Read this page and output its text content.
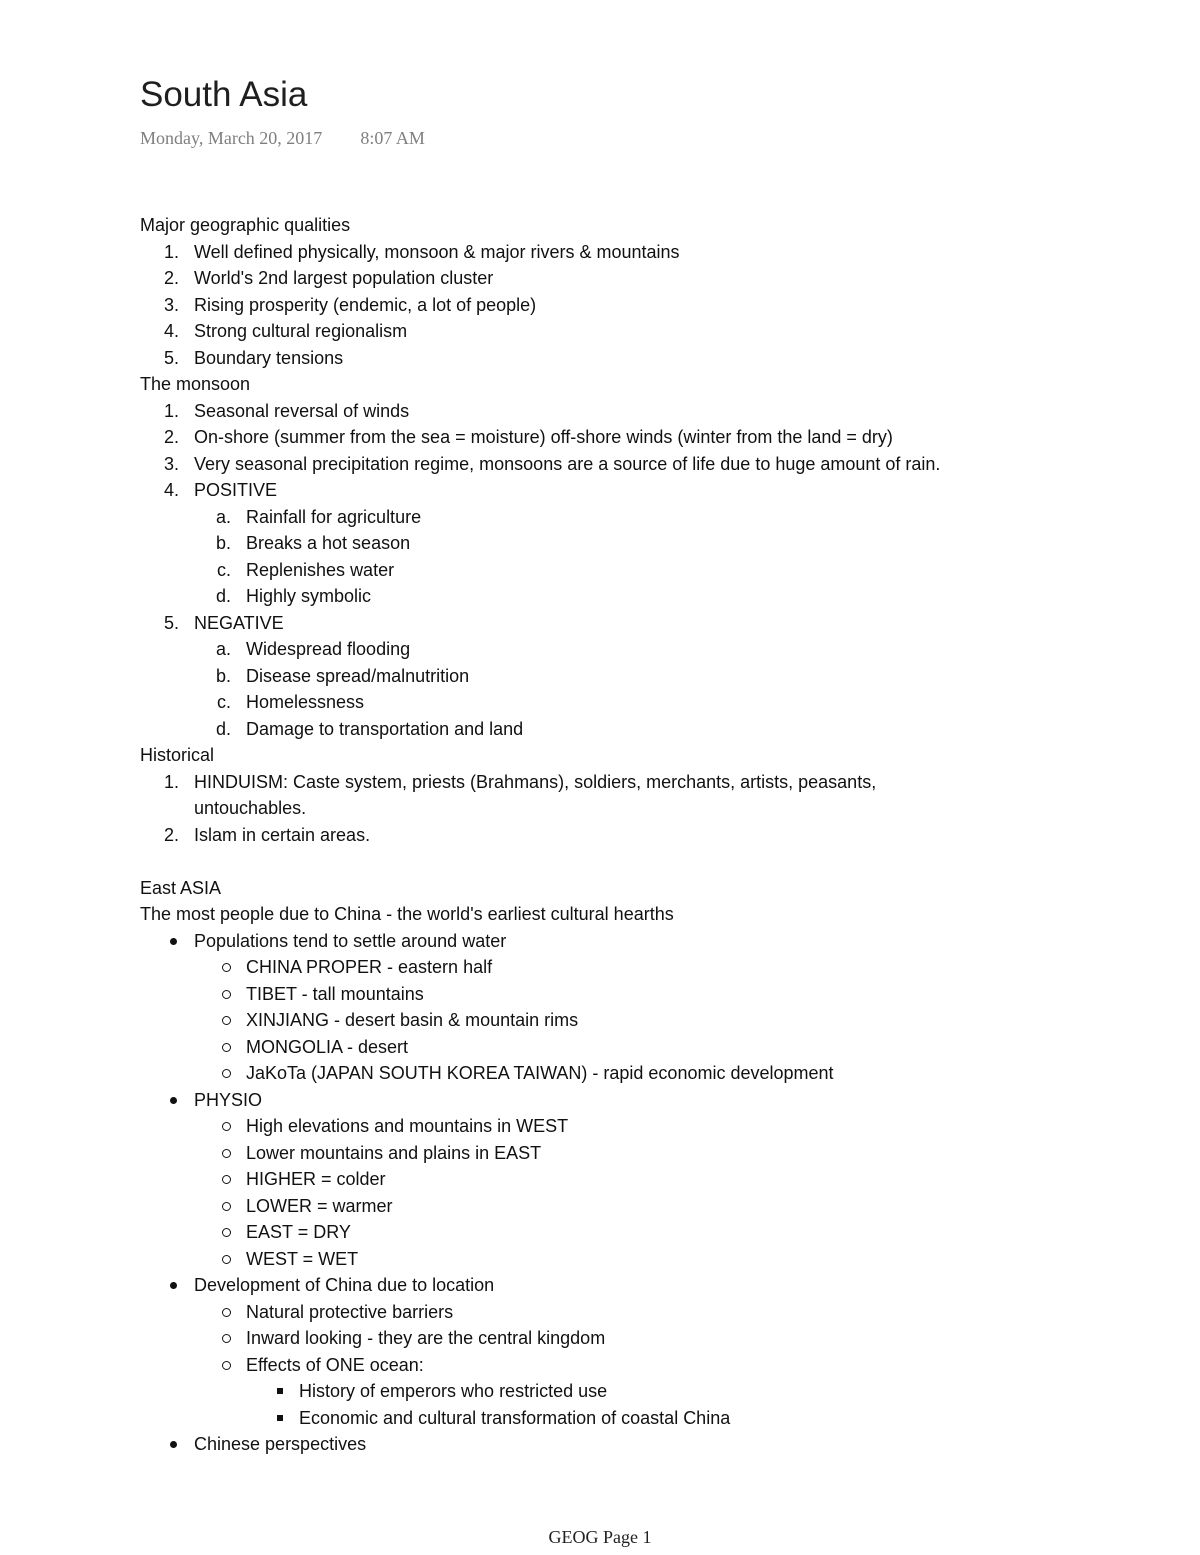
South Asia
Monday, March 20, 2017 8:07 AM
Major geographic qualities
1. Well defined physically, monsoon & major rivers & mountains
2. World's 2nd largest population cluster
3. Rising prosperity (endemic, a lot of people)
4. Strong cultural regionalism
5. Boundary tensions
The monsoon
1. Seasonal reversal of winds
2. On-shore (summer from the sea = moisture) off-shore winds (winter from the land = dry)
3. Very seasonal precipitation regime, monsoons are a source of life due to huge amount of rain.
4. POSITIVE
a. Rainfall for agriculture
b. Breaks a hot season
c. Replenishes water
d. Highly symbolic
5. NEGATIVE
a. Widespread flooding
b. Disease spread/malnutrition
c. Homelessness
d. Damage to transportation and land
Historical
1. HINDUISM: Caste system, priests (Brahmans), soldiers, merchants, artists, peasants,
untouchables.
2. Islam in certain areas.
East ASIA
The most people due to China - the world's earliest cultural hearths
Populations tend to settle around water
CHINA PROPER - eastern half
TIBET - tall mountains
XINJIANG - desert basin & mountain rims
MONGOLIA - desert
JaKoTa (JAPAN SOUTH KOREA TAIWAN) - rapid economic development
PHYSIO
High elevations and mountains in WEST
Lower mountains and plains in EAST
HIGHER = colder
LOWER = warmer
EAST = DRY
WEST = WET
Development of China due to location
Natural protective barriers
Inward looking - they are the central kingdom
Effects of ONE ocean:
History of emperors who restricted use
Economic and cultural transformation of coastal China
Chinese perspectives
GEOG Page 1
